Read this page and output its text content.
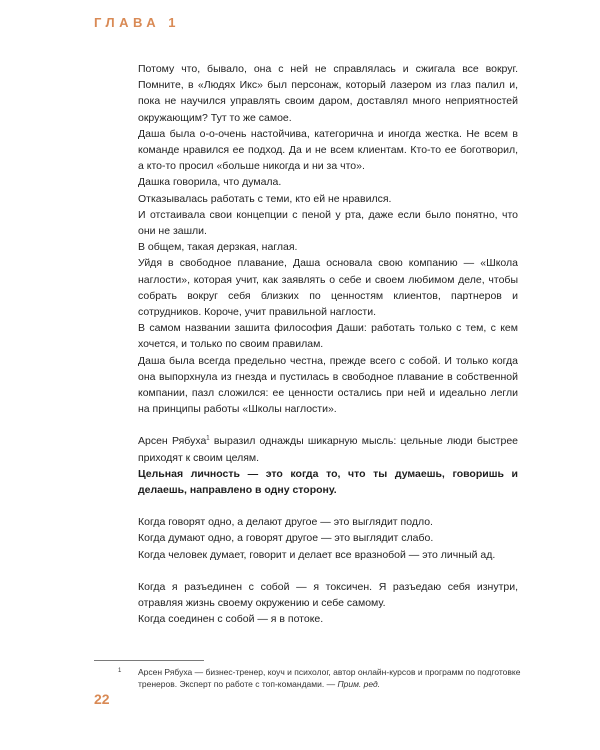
ГЛАВА 1

Потому что, бывало, она с ней не справлялась и сжигала все вокруг. Помните, в «Людях Икс» был персонаж, который лазером из глаз палил и, пока не научился управлять своим даром, доставлял много неприятностей окружающим? Тут то же самое.

Даша была о-о-очень настойчива, категорична и иногда жестка. Не всем в команде нравился ее подход. Да и не всем клиентам. Кто-то ее боготворил, а кто-то просил «больше никогда и ни за что».

Дашка говорила, что думала.

Отказывалась работать с теми, кто ей не нравился.

И отстаивала свои концепции с пеной у рта, даже если было понятно, что они не зашли.

В общем, такая дерзкая, наглая.

Уйдя в свободное плавание, Даша основала свою компанию — «Школа наглости», которая учит, как заявлять о себе и своем любимом деле, чтобы собрать вокруг себя близких по ценностям клиентов, партнеров и сотрудников. Короче, учит правильной наглости.

В самом названии зашита философия Даши: работать только с тем, с кем хочется, и только по своим правилам.

Даша была всегда предельно честна, прежде всего с собой. И только когда она выпорхнула из гнезда и пустилась в свободное плавание в собственной компании, пазл сложился: ее ценности остались при ней и идеально легли на принципы работы «Школы наглости».

Арсен Рябуха$^1$ выразил однажды шикарную мысль: цельные люди быстрее приходят к своим целям.

Цельная личность — это когда то, что ты думаешь, говоришь и делаешь, направлено в одну сторону.

Когда говорят одно, а делают другое — это выглядит подло.

Когда думают одно, а говорят другое — это выглядит слабо.

Когда человек думает, говорит и делает все вразнобой — это личный ад.

Когда я разъединен с собой — я токсичен. Я разъедаю себя изнутри, отравляя жизнь своему окружению и себе самому.

Когда соединен с собой — я в потоке.

1	Арсен Рябуха — бизнес-тренер, коуч и психолог, автор онлайн-курсов и программ по подготовке тренеров. Эксперт по работе с топ-командами. — Прим. ред.
22
